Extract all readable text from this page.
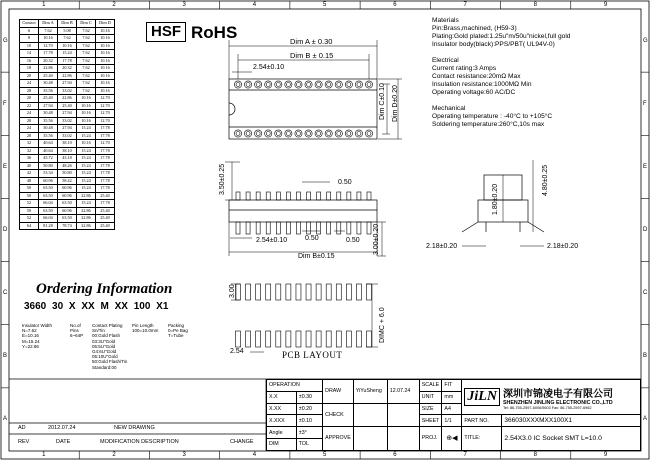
1
1
2
2
3
3
4
4
5
5
6
6
7
7
8
8
9
9
G	G
F	F
E	E
D	D
C	C
B	B
A	A
Contact	Dim A	Dim B	Dim C	Dim D
6	7.62	5.08	7.62	10.16
8	10.16	7.62	7.62	10.16
10	12.70	10.16	7.62	10.16
14	17.78	15.24	7.62	10.16
16	20.32	17.78	7.62	10.16
18	22.86	20.32	7.62	10.16
20	25.40	22.86	7.62	10.16
24	30.48	27.94	7.62	10.16
28	35.56	33.02	7.62	10.16
20	25.40	22.86	10.16	12.70
22	27.94	25.40	10.16	12.70
24	30.48	27.94	10.16	12.70
28	35.56	33.02	10.16	12.70
24	30.48	27.94	15.24	17.78
28	35.56	33.02	15.24	17.78
32	40.64	38.10	10.16	12.70
32	40.64	38.10	15.24	17.78
36	45.72	43.18	15.24	17.78
40	50.80	48.26	15.24	17.78
42	53.34	50.80	15.24	17.78
48	60.96	58.42	15.24	17.78
50	63.50	60.96	15.24	17.78
50	63.50	60.96	22.86	25.40
52	66.04	63.50	15.24	17.78
50	63.50	60.96	22.86	25.40
52	66.04	63.50	22.86	25.40
64	81.28	78.74	22.86	25.40
HSF RoHS	Dim A ± 0.30
Dim B ± 0.15
2.54±0.10
Dim C±0.10 Dim D±0.20
3.50±0.25	0.50
0.50	0.50
2.54±0.10
Dim B±0.15
3.00±0.20
1.80±0.20
4.80±0.25
2.18±0.20	2.18±0.20
3.00
DIMC + 6.0
2.54	PCB LAYOUT
Materials
Pin:Brass,machined, (H59-3)
Plating:Gold plated:1.25u"m/50u"nickel,full gold
Insulator body(black):PPS/PBT( UL94V-0)
Electrical
Current rating:3 Amps
Contact resistance:20mΩ Max
Insulation resistance:1000MΩ Min
Operating voltage:60 AC/DC
Mechanical
Operating temperature : -40°C to +105°C
Soldering temperature:260°C,10s max
Ordering Information
3660 30 X XX M XX 100 X1
Insulator Width
N=7.62
E=10.16
M=15.24
Y=22.86
No.of
Pins
6~64P
Contact Plating
Sn/Tin
00:Gold Flash
03:3U"Gold
05:5U"Gold
G4:6U"Gold
05:10U"Gold
50:Gold Flash/Tin
Standard:00
Pin Length
100=10.0mm
Packing
0=Pe Bag
T=Tube
AD	2012.07.24	NEW DRAWING
REV	DATE	MODIFICATION DESCRIPTION	CHANGE
OPERATION		DRAW	YiYuSheng	12.07.24	SCALE	FIT	JiLN 深圳市锦凌电子有限公司
SHENZHEN JINLING ELECTRONIC CO.,LTD
Tel: 86-755-2597-6006/5603 Fax: 86-755-2597-6962	

X.X	±0.30				UNIT	mm		
X.XX	±0.20	CHECK			SIZE	A4		
X.XXX	±0.10				SHEET	1/1	PART NO.	366030XXXMXX100X1
Angle	±3°	APPROVE			PROJ.	⊕◀	TITLE:	2.54X3.0 IC Socket SMT L=10.0
DIM	TOL							
